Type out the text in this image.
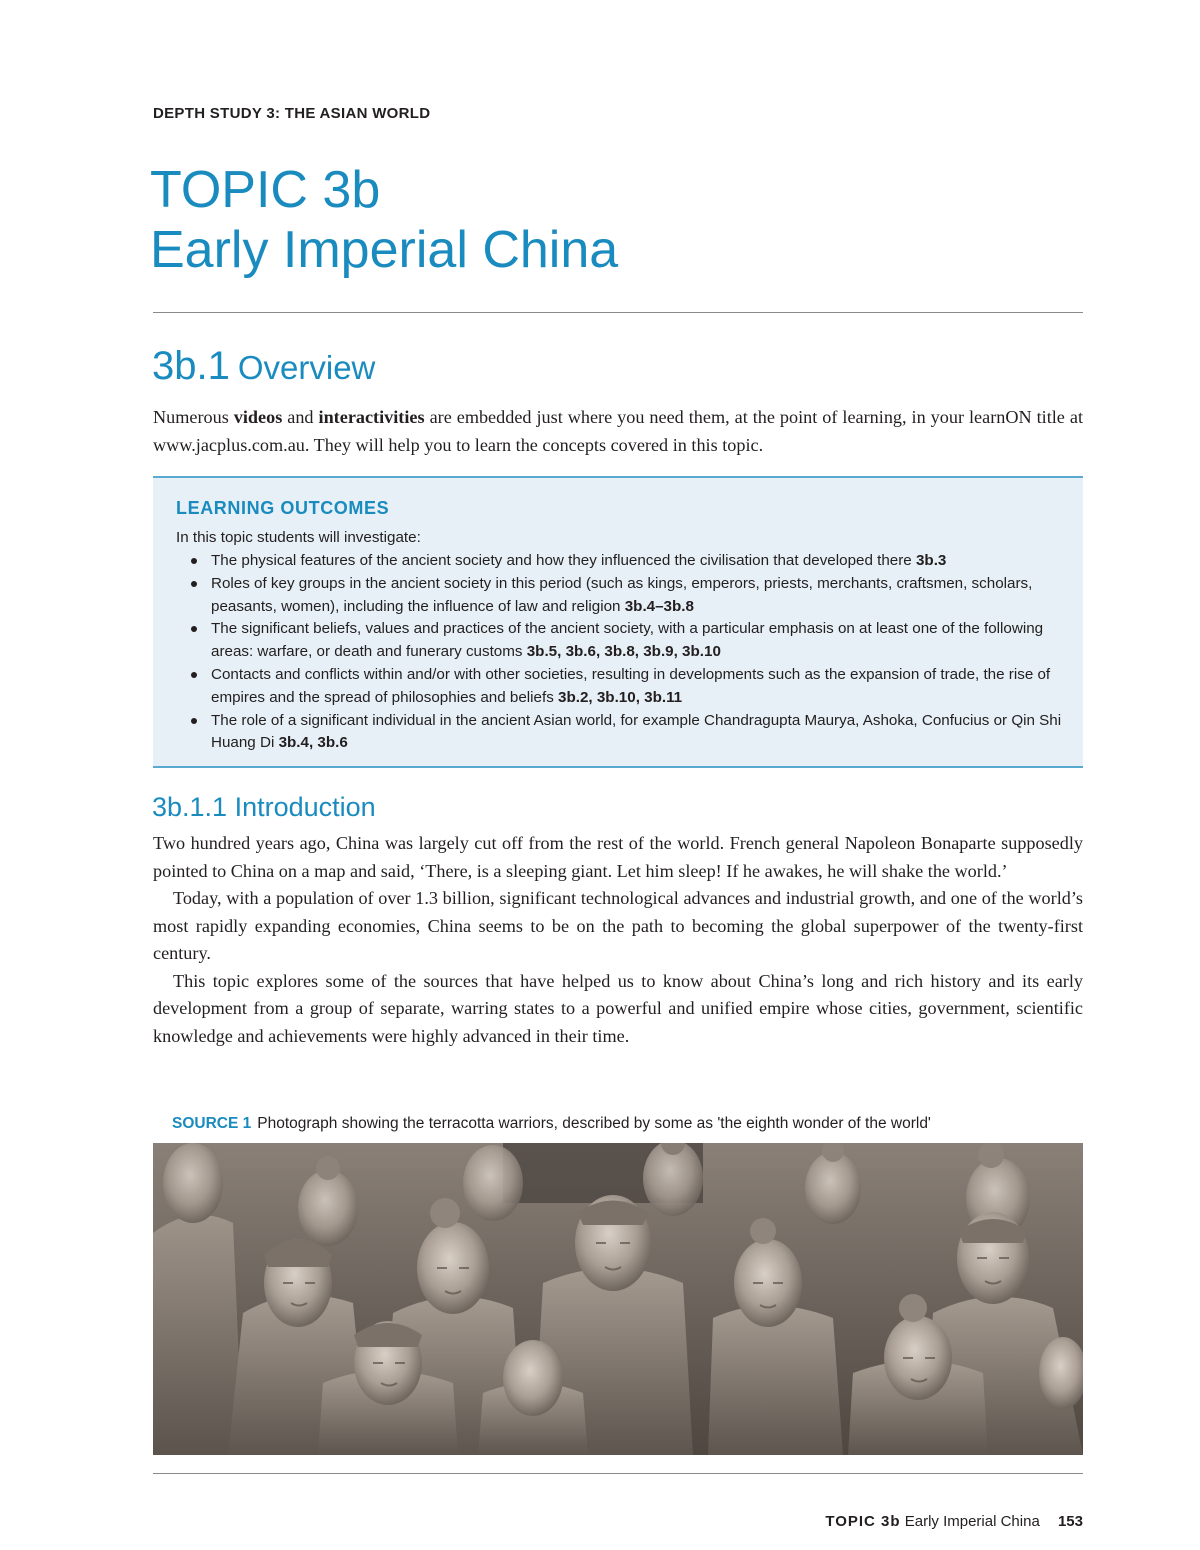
DEPTH STUDY 3: THE ASIAN WORLD
TOPIC 3b
Early Imperial China
3b.1 Overview
Numerous videos and interactivities are embedded just where you need them, at the point of learning, in your learnON title at www.jacplus.com.au. They will help you to learn the concepts covered in this topic.
LEARNING OUTCOMES
In this topic students will investigate:
The physical features of the ancient society and how they influenced the civilisation that developed there 3b.3
Roles of key groups in the ancient society in this period (such as kings, emperors, priests, merchants, craftsmen, scholars, peasants, women), including the influence of law and religion 3b.4–3b.8
The significant beliefs, values and practices of the ancient society, with a particular emphasis on at least one of the following areas: warfare, or death and funerary customs 3b.5, 3b.6, 3b.8, 3b.9, 3b.10
Contacts and conflicts within and/or with other societies, resulting in developments such as the expansion of trade, the rise of empires and the spread of philosophies and beliefs 3b.2, 3b.10, 3b.11
The role of a significant individual in the ancient Asian world, for example Chandragupta Maurya, Ashoka, Confucius or Qin Shi Huang Di 3b.4, 3b.6
3b.1.1 Introduction
Two hundred years ago, China was largely cut off from the rest of the world. French general Napoleon Bonaparte supposedly pointed to China on a map and said, ‘There, is a sleeping giant. Let him sleep! If he awakes, he will shake the world.’
Today, with a population of over 1.3 billion, significant technological advances and industrial growth, and one of the world’s most rapidly expanding economies, China seems to be on the path to becoming the global superpower of the twenty-first century.
This topic explores some of the sources that have helped us to know about China’s long and rich history and its early development from a group of separate, warring states to a powerful and unified empire whose cities, government, scientific knowledge and achievements were highly advanced in their time.
SOURCE 1 Photograph showing the terracotta warriors, described by some as 'the eighth wonder of the world'
TOPIC 3b Early Imperial China 153
